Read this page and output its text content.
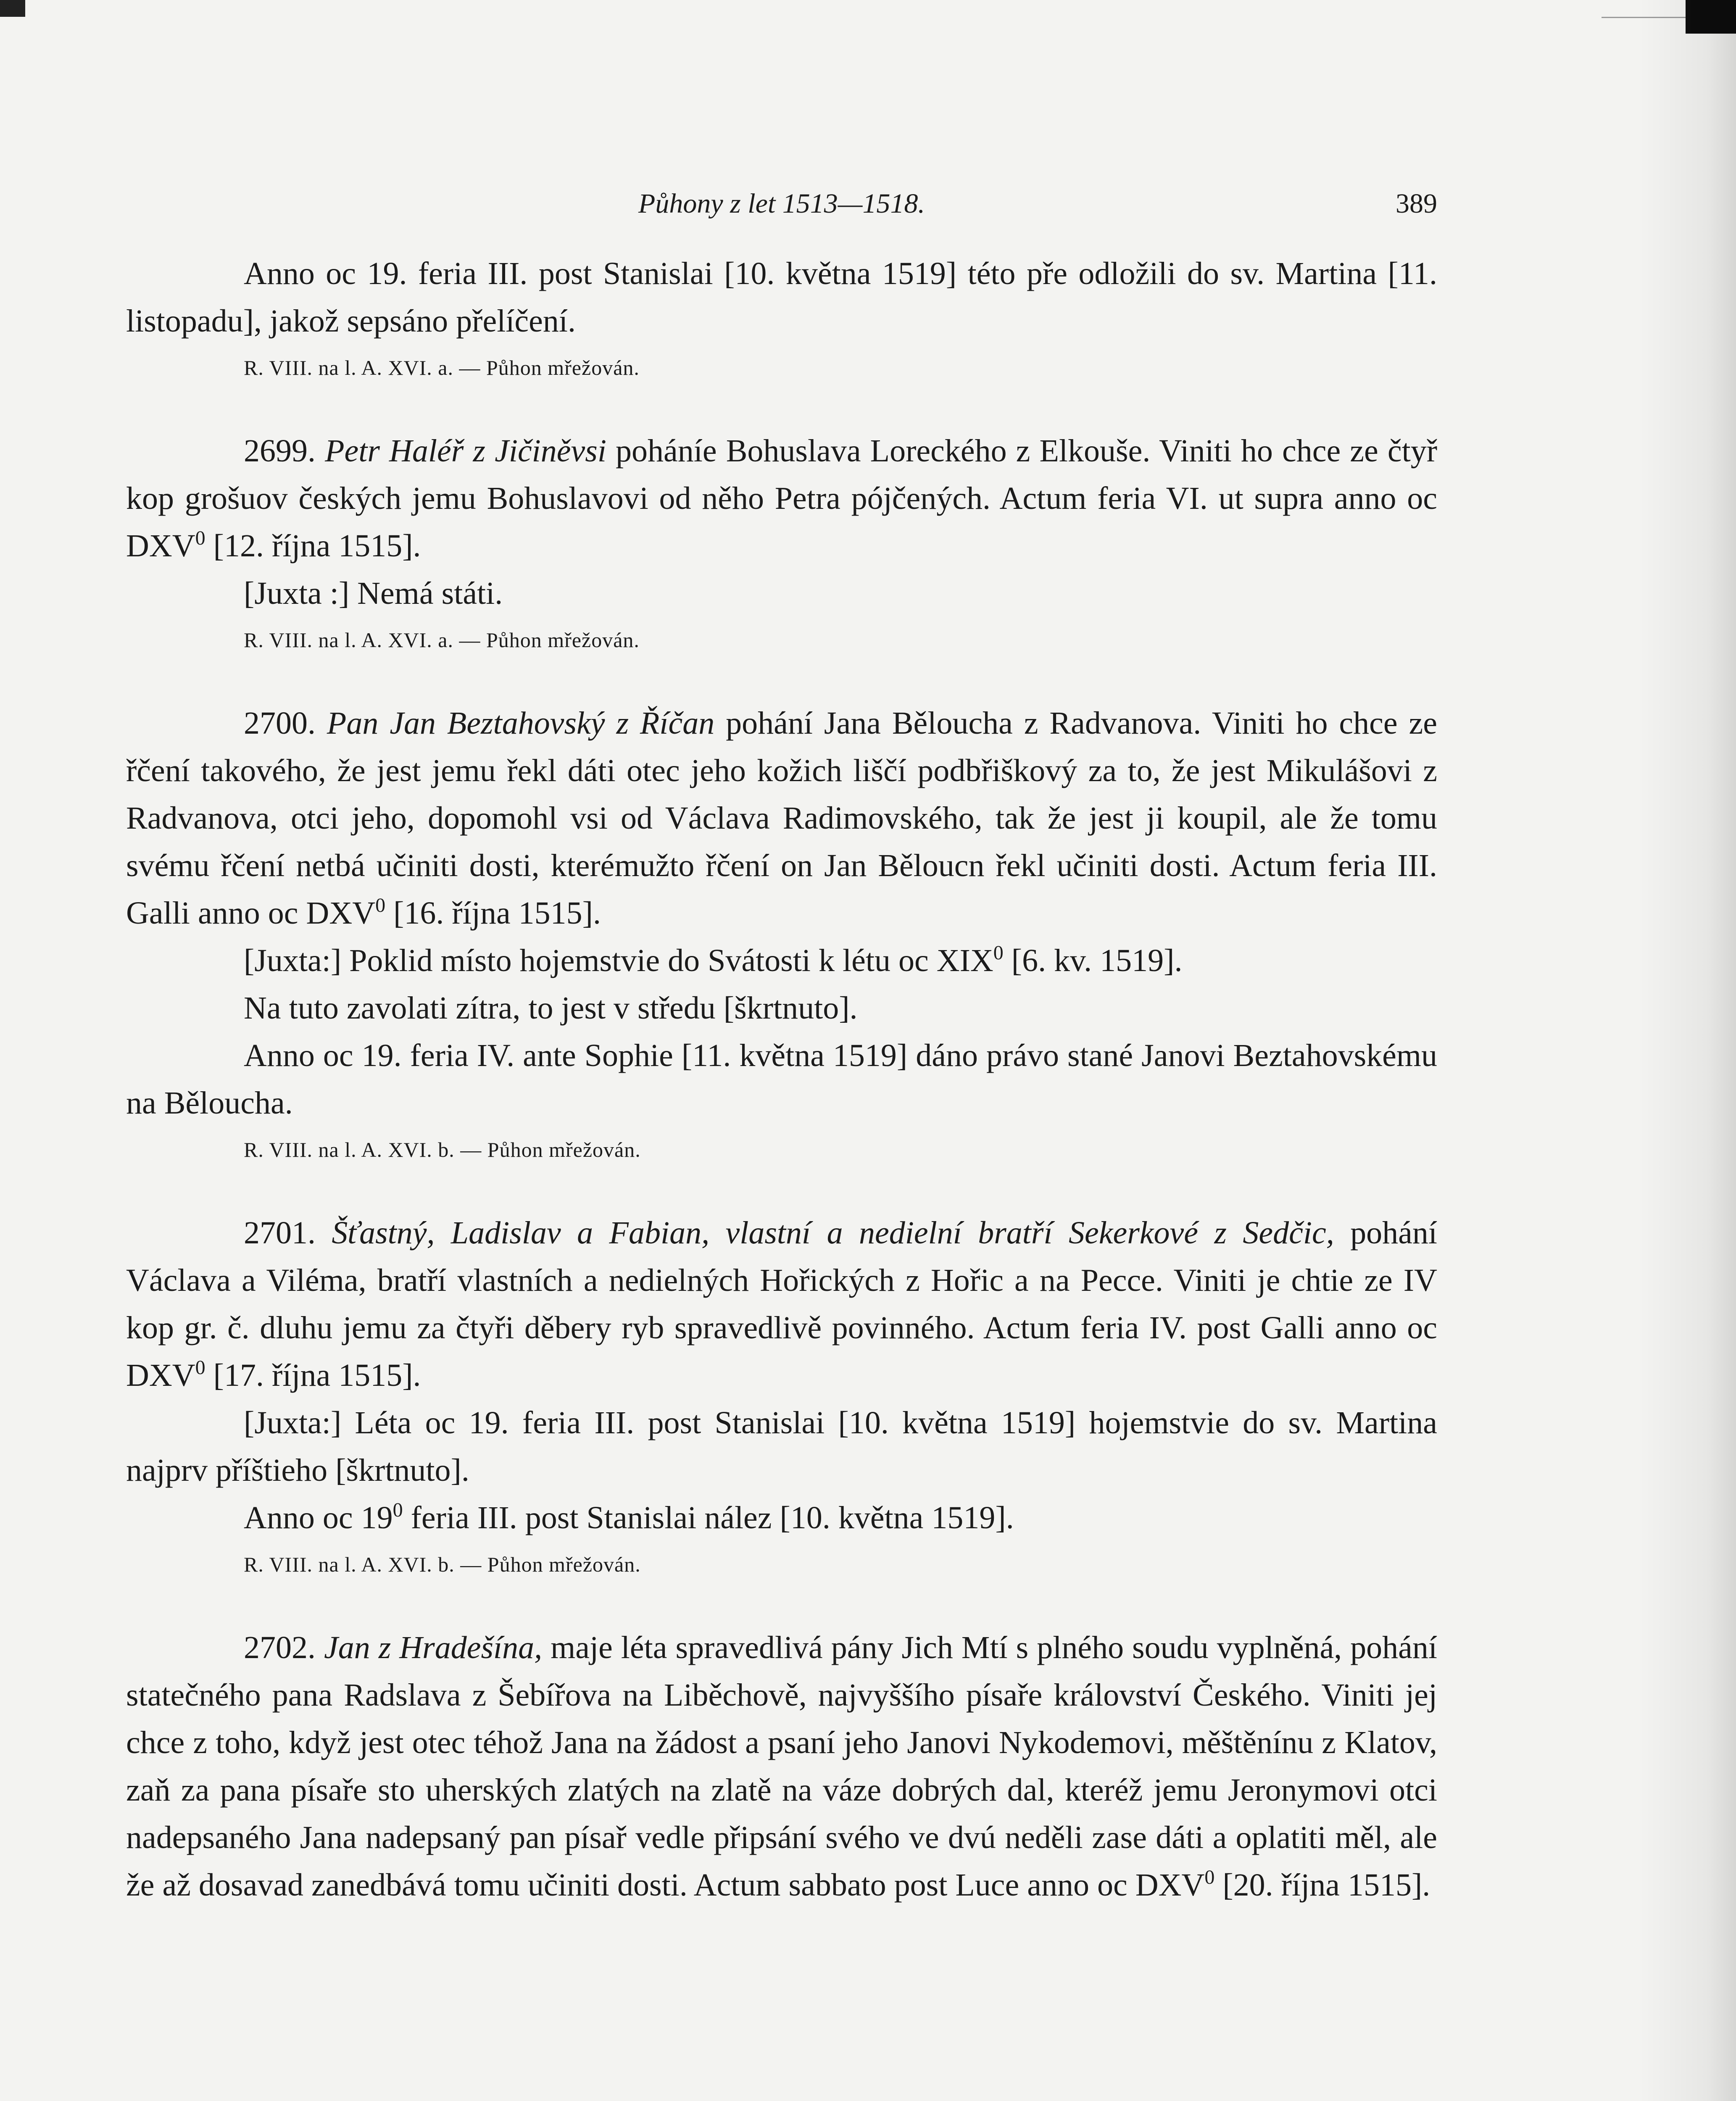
Půhony z let 1513—1518.	389

Anno oc 19. feria III. post Stanislai [10. května 1519] této pře odložili do sv. Martina [11. listopadu], jakož sepsáno přelíčení.

R. VIII. na l. A. XVI. a. — Půhon mřežován.

2699. Petr Haléř z Jičiněvsi poháníe Bohuslava Loreckého z Elkouše. Viniti ho chce ze čtyř kop grošuov českých jemu Bohuslavovi od něho Petra pójčených. Actum feria VI. ut supra anno oc DXV$^0$ [12. října 1515].

[Juxta :] Nemá státi.

R. VIII. na l. A. XVI. a. — Půhon mřežován.

2700. Pan Jan Beztahovský z Říčan pohání Jana Běloucha z Radvanova. Viniti ho chce ze řčení takového, že jest jemu řekl dáti otec jeho kožich liščí podbřiškový za to, že jest Mikulášovi z Radvanova, otci jeho, dopomohl vsi od Václava Radimovského, tak že jest ji koupil, ale že tomu svému řčení netbá učiniti dosti, kterémužto řčení on Jan Běloucn řekl učiniti dosti. Actum feria III. Galli anno oc DXV$^0$ [16. října 1515].

[Juxta:] Poklid místo hojemstvie do Svátosti k létu oc XIX$^0$ [6. kv. 1519].

Na tuto zavolati zítra, to jest v středu [škrtnuto].

Anno oc 19. feria IV. ante Sophie [11. května 1519] dáno právo stané Janovi Beztahovskému na Běloucha.

R. VIII. na l. A. XVI. b. — Půhon mřežován.

2701. Šťastný, Ladislav a Fabian, vlastní a nedielní bratří Sekerkové z Sedčic, pohání Václava a Viléma, bratří vlastních a nedielných Hořických z Hořic a na Pecce. Viniti je chtie ze IV kop gr. č. dluhu jemu za čtyři děbery ryb spravedlivě povinného. Actum feria IV. post Galli anno oc DXV$^0$ [17. října 1515].

[Juxta:] Léta oc 19. feria III. post Stanislai [10. května 1519] hojemstvie do sv. Martina najprv příštieho [škrtnuto].

Anno oc $19^0$ feria III. post Stanislai nález [10. května 1519].

R. VIII. na l. A. XVI. b. — Půhon mřežován.

2702. Jan z Hradešína, maje léta spravedlivá pány Jich Mtí s plného soudu vyplněná, pohání statečného pana Radslava z Šebířova na Liběchově, najvyššího písaře království Českého. Viniti jej chce z toho, když jest otec téhož Jana na žádost a psaní jeho Janovi Nykodemovi, měštěnínu z Klatov, zaň za pana písaře sto uherských zlatých na zlatě na váze dobrých dal, kteréž jemu Jeronymovi otci nadepsaného Jana nadepsaný pan písař vedle připsání svého ve dvú neděli zase dáti a oplatiti měl, ale že až dosavad zanedbává tomu učiniti dosti. Actum sabbato post Luce anno oc DXV$^0$ [20. října 1515].
